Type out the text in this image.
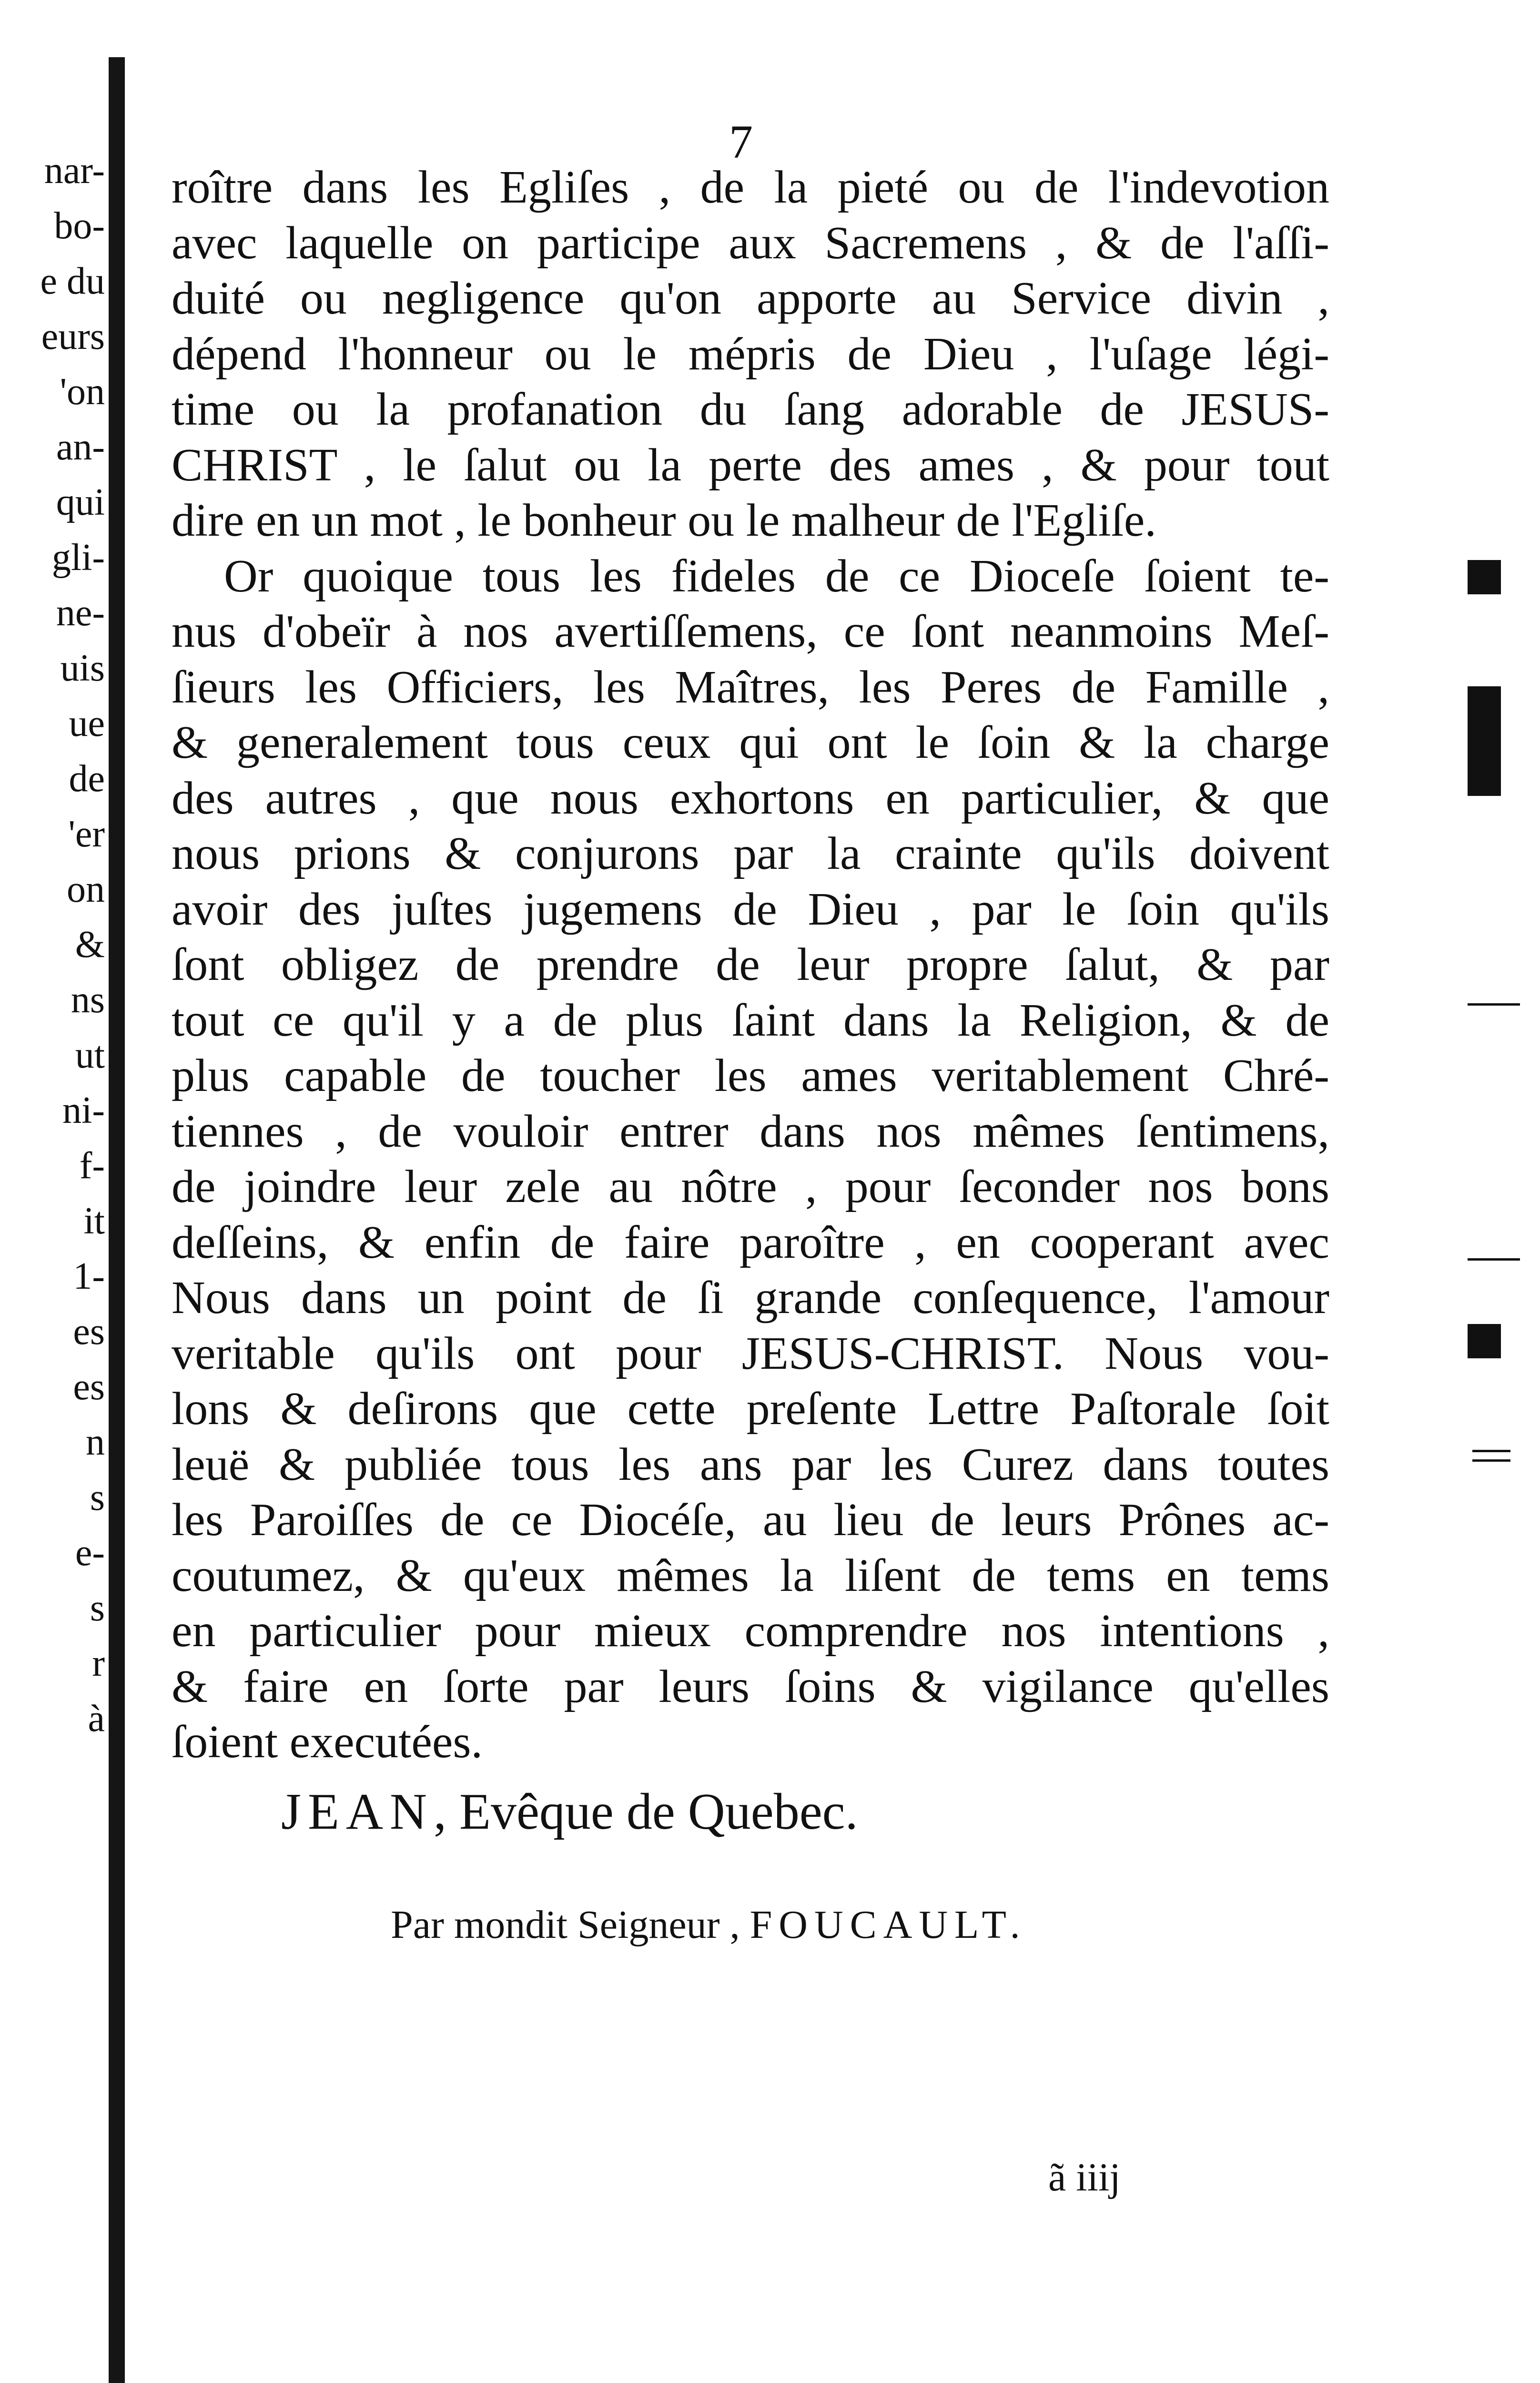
nar-
bo-
e du
eurs
'on
an-
qui
gli-
ne-
uis
ue
de
'er
on
&
ns
ut
ni-
f-
it
1-
es
es
n
s
e-
s
r
à
7
roître dans les Egliſes , de la pieté ou de l'indevotion
avec laquelle on participe aux Sacremens , & de l'aſſi-
duité ou negligence qu'on apporte au Service divin ,
dépend l'honneur ou le mépris de Dieu , l'uſage légi-
time ou la profanation du ſang adorable de JESUS-
CHRIST , le ſalut ou la perte des ames , & pour tout
dire en un mot , le bonheur ou le malheur de l'Egliſe.
Or quoique tous les fideles de ce Dioceſe ſoient te-
nus d'obeïr à nos avertiſſemens, ce ſont neanmoins Meſ-
ſieurs les Officiers, les Maîtres, les Peres de Famille ,
& generalement tous ceux qui ont le ſoin & la charge
des autres , que nous exhortons en particulier, & que
nous prions & conjurons par la crainte qu'ils doivent
avoir des juſtes jugemens de Dieu , par le ſoin qu'ils
ſont obligez de prendre de leur propre ſalut, & par
tout ce qu'il y a de plus ſaint dans la Religion, & de
plus capable de toucher les ames veritablement Chré-
tiennes , de vouloir entrer dans nos mêmes ſentimens,
de joindre leur zele au nôtre , pour ſeconder nos bons
deſſeins, & enfin de faire paroître , en cooperant avec
Nous dans un point de ſi grande conſequence, l'amour
veritable qu'ils ont pour JESUS-CHRIST. Nous vou-
lons & deſirons que cette preſente Lettre Paſtorale ſoit
leuë & publiée tous les ans par les Curez dans toutes
les Paroiſſes de ce Diocéſe, au lieu de leurs Prônes ac-
coutumez, & qu'eux mêmes la liſent de tems en tems
en particulier pour mieux comprendre nos intentions ,
& faire en ſorte par leurs ſoins & vigilance qu'elles
ſoient executées.
JEAN, Evêque de Quebec.
Par mondit Seigneur , FOUCAULT.
ã iiij
